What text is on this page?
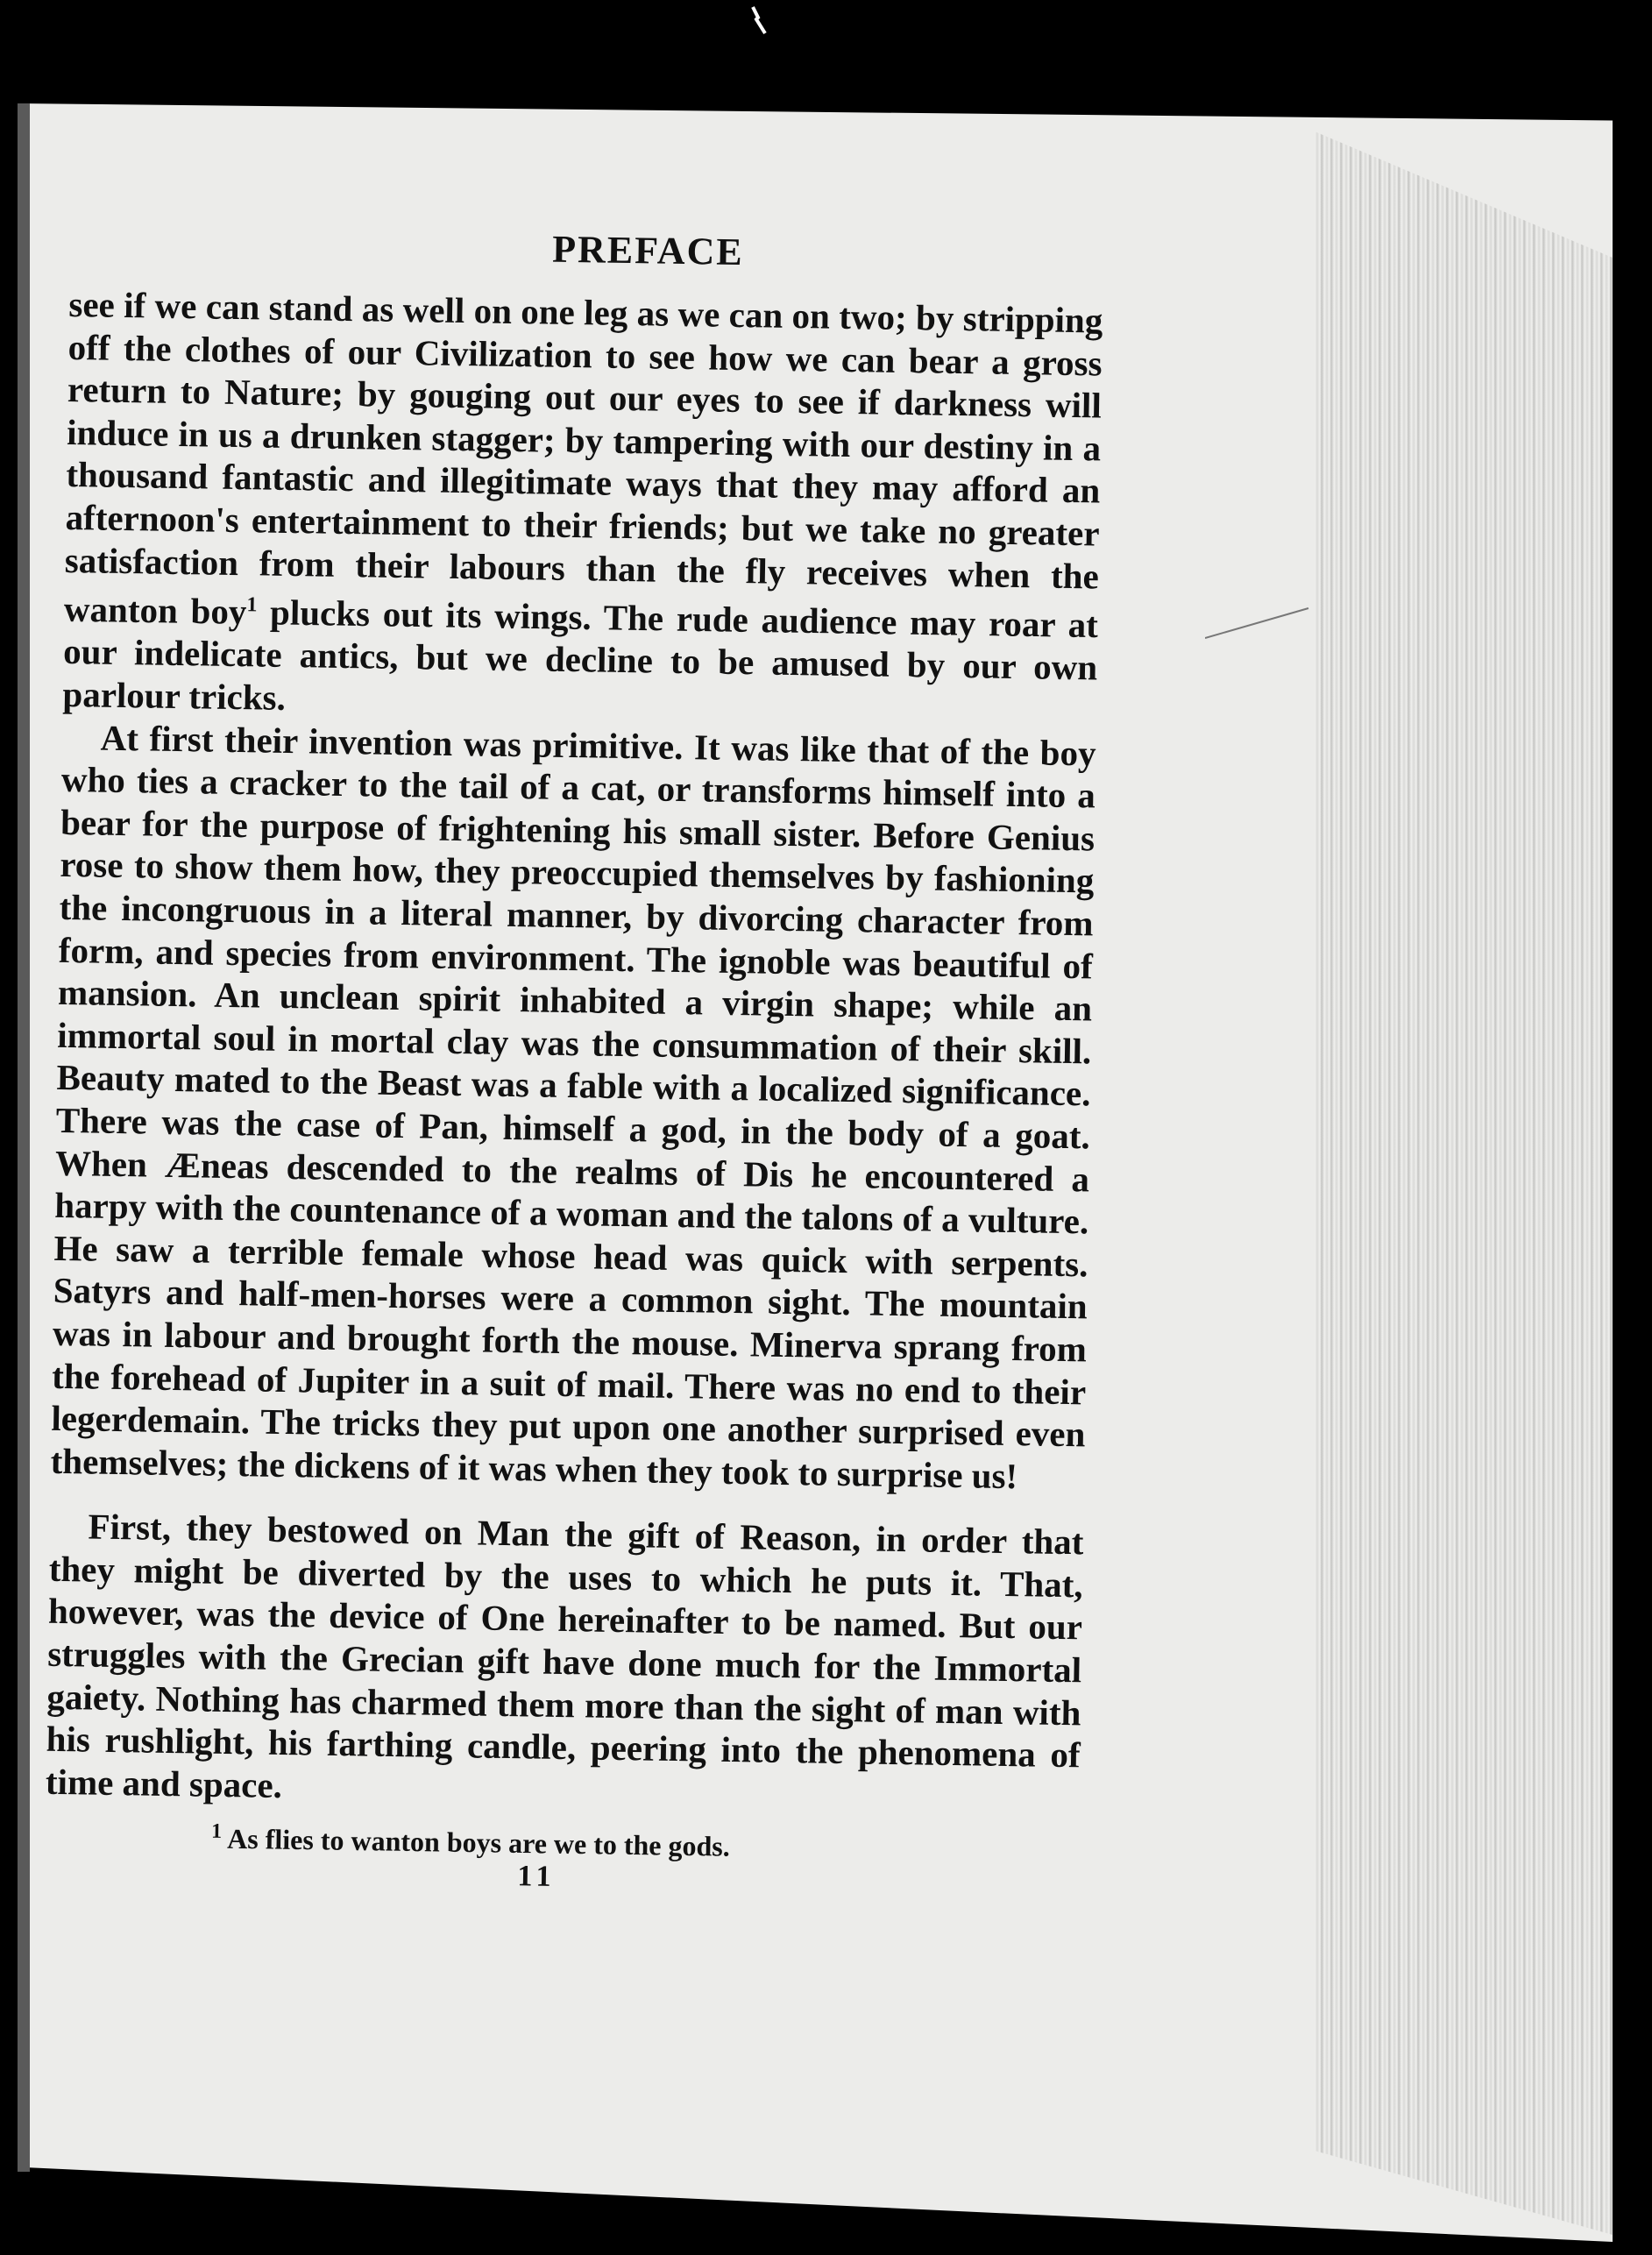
PREFACE

see if we can stand as well on one leg as we can on two; by stripping off the clothes of our Civilization to see how we can bear a gross return to Nature; by gouging out our eyes to see if darkness will induce in us a drunken stagger; by tampering with our destiny in a thousand fantastic and illegitimate ways that they may afford an afternoon's entertainment to their friends; but we take no greater satisfaction from their labours than the fly receives when the wanton boy$^1$ plucks out its wings. The rude audience may roar at our indelicate antics, but we decline to be amused by our own parlour tricks.

At first their invention was primitive. It was like that of the boy who ties a cracker to the tail of a cat, or transforms himself into a bear for the purpose of frightening his small sister. Before Genius rose to show them how, they preoccupied themselves by fashioning the incongruous in a literal manner, by divorcing character from form, and species from environment. The ignoble was beautiful of mansion. An unclean spirit inhabited a virgin shape; while an immortal soul in mortal clay was the consummation of their skill. Beauty mated to the Beast was a fable with a localized significance. There was the case of Pan, himself a god, in the body of a goat. When Æneas descended to the realms of Dis he encountered a harpy with the countenance of a woman and the talons of a vulture. He saw a terrible female whose head was quick with serpents. Satyrs and half-men-horses were a common sight. The mountain was in labour and brought forth the mouse. Minerva sprang from the forehead of Jupiter in a suit of mail. There was no end to their legerdemain. The tricks they put upon one another surprised even themselves; the dickens of it was when they took to surprise us!

First, they bestowed on Man the gift of Reason, in order that they might be diverted by the uses to which he puts it. That, however, was the device of One hereinafter to be named. But our struggles with the Grecian gift have done much for the Immortal gaiety. Nothing has charmed them more than the sight of man with his rushlight, his farthing candle, peering into the phenomena of time and space.

$^1$ As flies to wanton boys are we to the gods.
11
